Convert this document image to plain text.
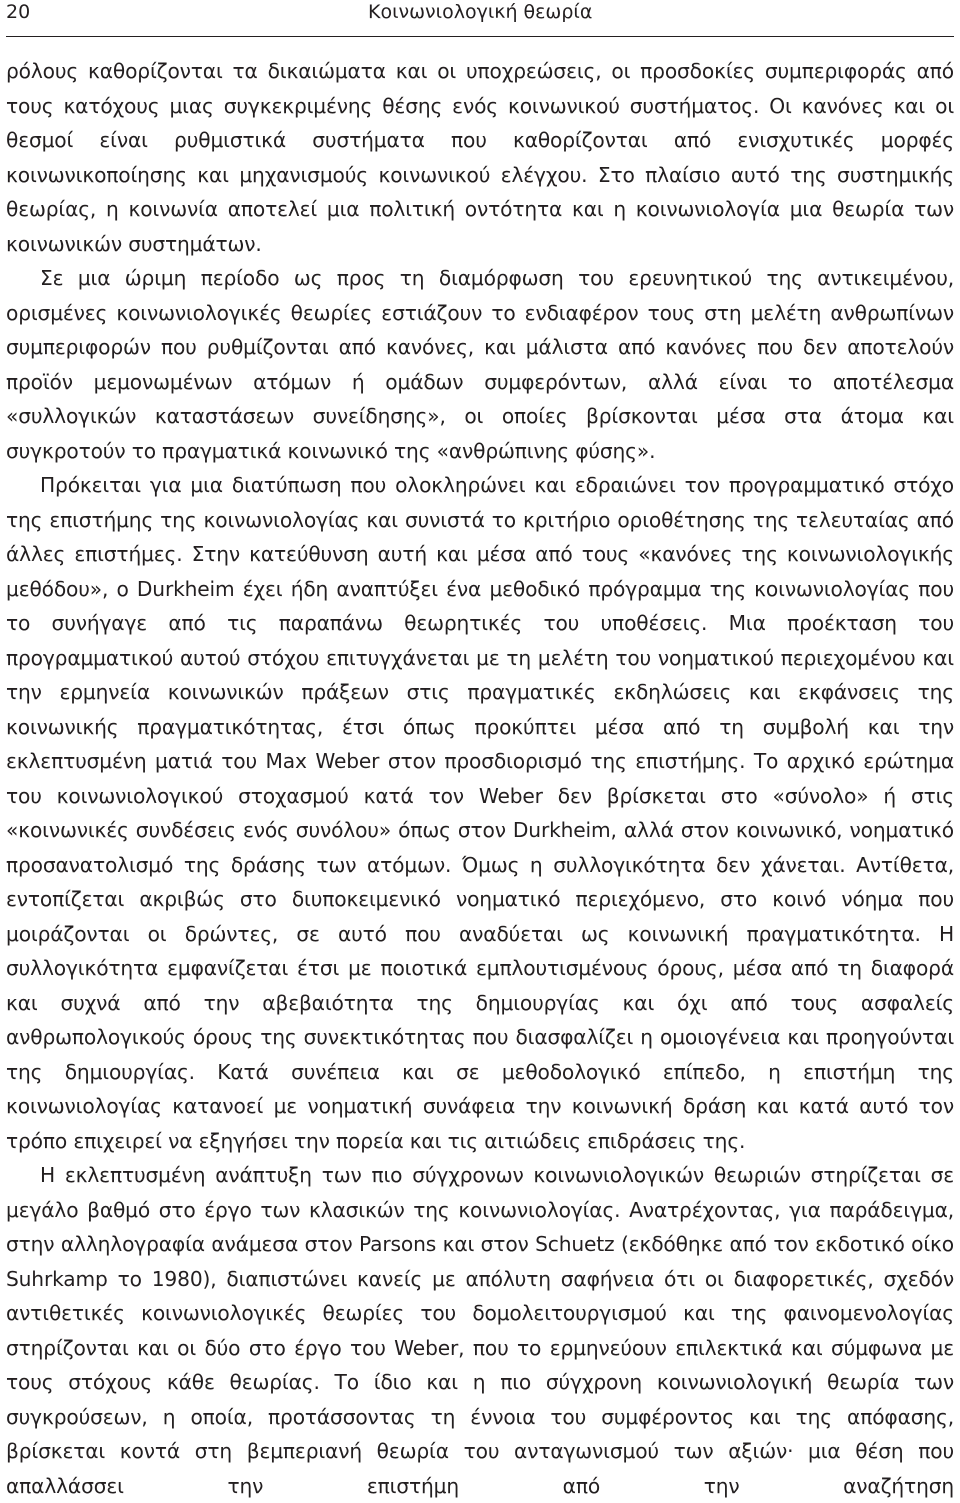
20	Κοινωνιολογική θεωρία

ρόλους καθορίζονται τα δικαιώματα και οι υποχρεώσεις, οι προσδοκίες συμπεριφοράς από τους κατόχους μιας συγκεκριμένης θέσης ενός κοινωνικού συστήματος. Οι κανόνες και οι θεσμοί είναι ρυθμιστικά συστήματα που καθορίζονται από ενισχυτικές μορφές κοινωνικοποίησης και μηχανισμούς κοινωνικού ελέγχου. Στο πλαίσιο αυτό της συστημικής θεωρίας, η κοινωνία αποτελεί μια πολιτική οντότητα και η κοινωνιολογία μια θεωρία των κοινωνικών συστημάτων.

Σε μια ώριμη περίοδο ως προς τη διαμόρφωση του ερευνητικού της αντικειμένου, ορισμένες κοινωνιολογικές θεωρίες εστιάζουν το ενδιαφέρον τους στη μελέτη ανθρωπίνων συμπεριφορών που ρυθμίζονται από κανόνες, και μάλιστα από κανόνες που δεν αποτελούν προϊόν μεμονωμένων ατόμων ή ομάδων συμφερόντων, αλλά είναι το αποτέλεσμα «συλλογικών καταστάσεων συνείδησης», οι οποίες βρίσκονται μέσα στα άτομα και συγκροτούν το πραγματικά κοινωνικό της «ανθρώπινης φύσης».

Πρόκειται για μια διατύπωση που ολοκληρώνει και εδραιώνει τον προγραμματικό στόχο της επιστήμης της κοινωνιολογίας και συνιστά το κριτήριο οριοθέτησης της τελευταίας από άλλες επιστήμες. Στην κατεύθυνση αυτή και μέσα από τους «κανόνες της κοινωνιολογικής μεθόδου», ο Durkheim έχει ήδη αναπτύξει ένα μεθοδικό πρόγραμμα της κοινωνιολογίας που το συνήγαγε από τις παραπάνω θεωρητικές του υποθέσεις. Μια προέκταση του προγραμματικού αυτού στόχου επιτυγχάνεται με τη μελέτη του νοηματικού περιεχομένου και την ερμηνεία κοινωνικών πράξεων στις πραγματικές εκδηλώσεις και εκφάνσεις της κοινωνικής πραγματικότητας, έτσι όπως προκύπτει μέσα από τη συμβολή και την εκλεπτυσμένη ματιά του Max Weber στον προσδιορισμό της επιστήμης. Το αρχικό ερώτημα του κοινωνιολογικού στοχασμού κατά τον Weber δεν βρίσκεται στο «σύνολο» ή στις «κοινωνικές συνδέσεις ενός συνόλου» όπως στον Durkheim, αλλά στον κοινωνικό, νοηματικό προσανατολισμό της δράσης των ατόμων. Όμως η συλλογικότητα δεν χάνεται. Αντίθετα, εντοπίζεται ακριβώς στο διυποκειμενικό νοηματικό περιεχόμενο, στο κοινό νόημα που μοιράζονται οι δρώντες, σε αυτό που αναδύεται ως κοινωνική πραγματικότητα. Η συλλογικότητα εμφανίζεται έτσι με ποιοτικά εμπλουτισμένους όρους, μέσα από τη διαφορά και συχνά από την αβεβαιότητα της δημιουργίας και όχι από τους ασφαλείς ανθρωπολογικούς όρους της συνεκτικότητας που διασφαλίζει η ομοιογένεια και προηγούνται της δημιουργίας. Κατά συνέπεια και σε μεθοδολογικό επίπεδο, η επιστήμη της κοινωνιολογίας κατανοεί με νοηματική συνάφεια την κοινωνική δράση και κατά αυτό τον τρόπο επιχειρεί να εξηγήσει την πορεία και τις αιτιώδεις επιδράσεις της.

Η εκλεπτυσμένη ανάπτυξη των πιο σύγχρονων κοινωνιολογικών θεωριών στηρίζεται σε μεγάλο βαθμό στο έργο των κλασικών της κοινωνιολογίας. Ανατρέχοντας, για παράδειγμα, στην αλληλογραφία ανάμεσα στον Parsons και στον Schuetz (εκδόθηκε από τον εκδοτικό οίκο Suhrkamp το 1980), διαπιστώνει κανείς με απόλυτη σαφήνεια ότι οι διαφορετικές, σχεδόν αντιθετικές κοινωνιολογικές θεωρίες του δομολειτουργισμού και της φαινομενολογίας στηρίζονται και οι δύο στο έργο του Weber, που το ερμηνεύουν επιλεκτικά και σύμφωνα με τους στόχους κάθε θεωρίας. Το ίδιο και η πιο σύγχρονη κοινωνιολογική θεωρία των συγκρούσεων, η οποία, προτάσσοντας τη έννοια του συμφέροντος και της απόφασης, βρίσκεται κοντά στη βεμπεριανή θεωρία του ανταγωνισμού των αξιών· μια θέση που απαλλάσσει την επιστήμη από την αναζήτηση
